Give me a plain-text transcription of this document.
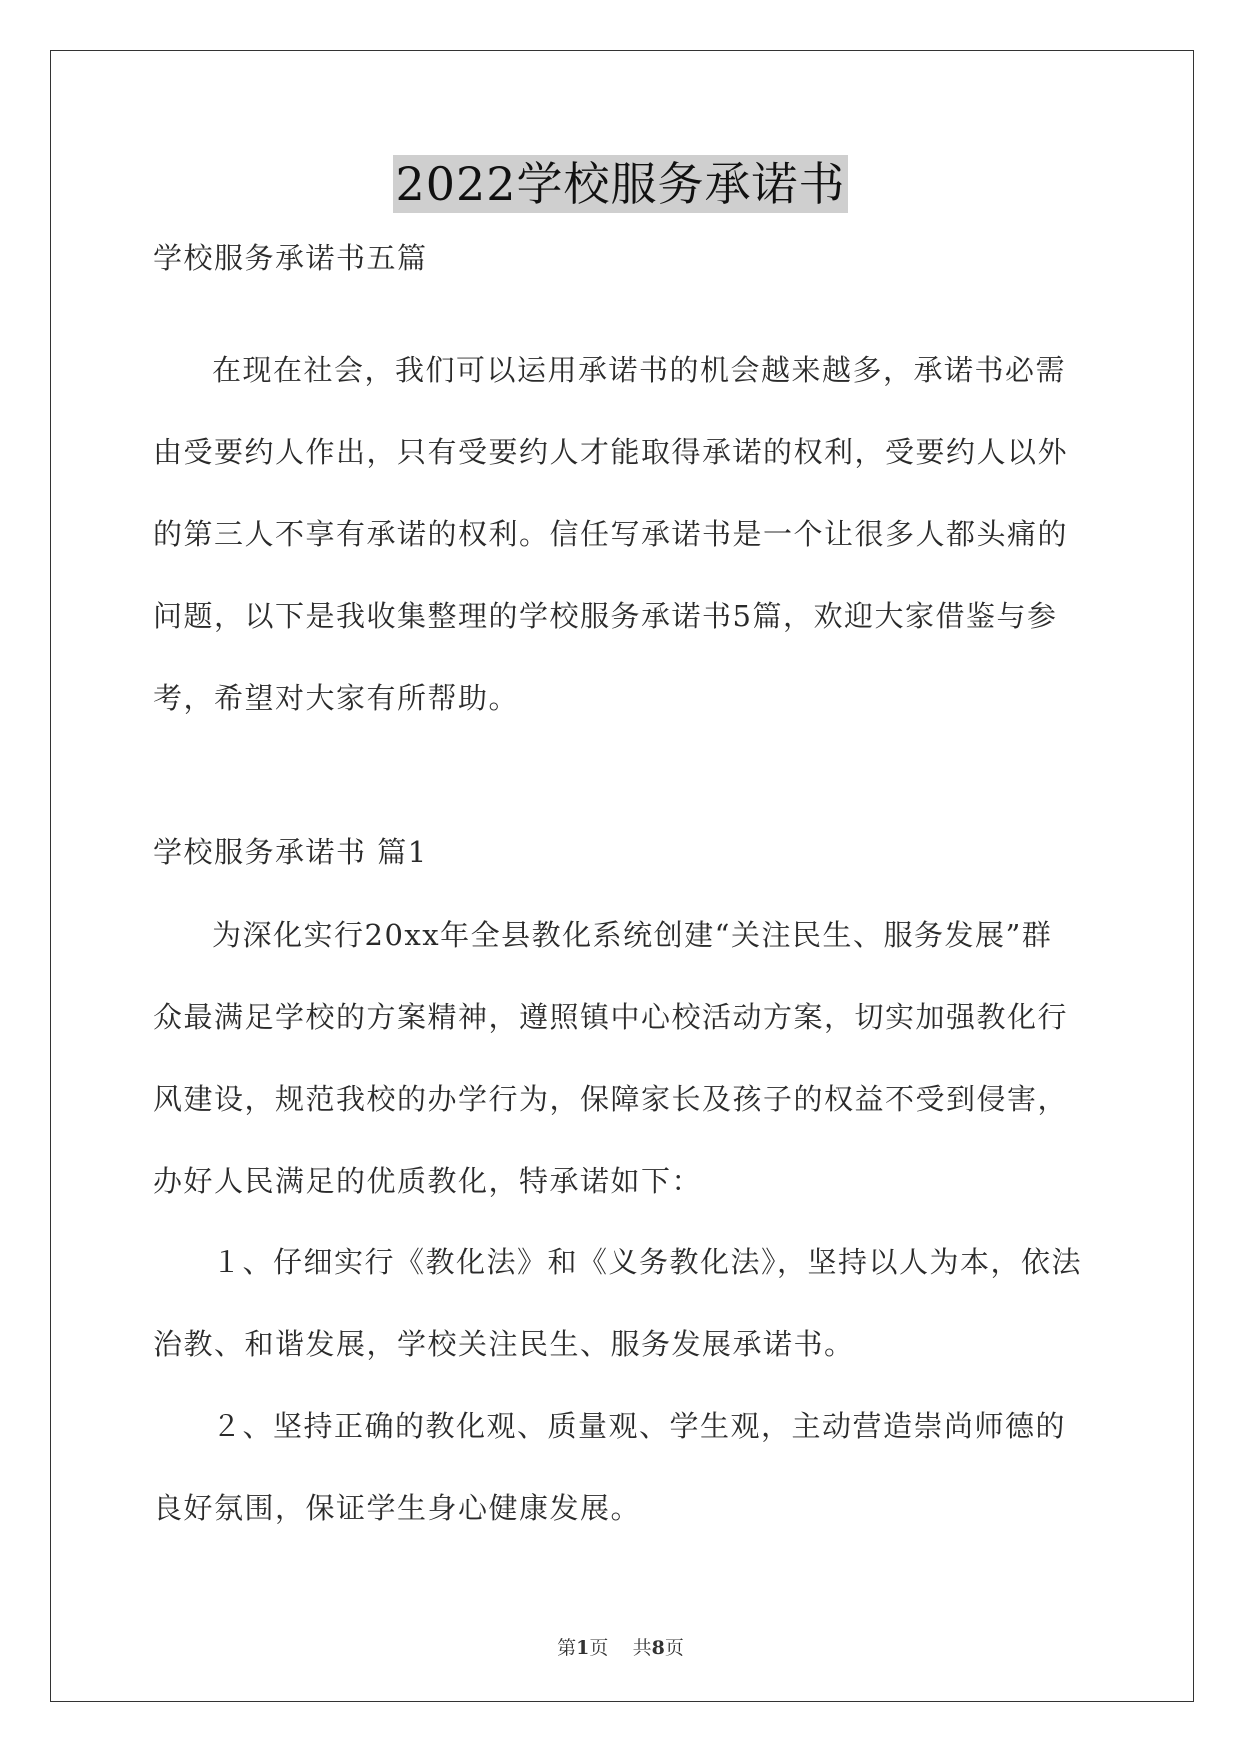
2022学校服务承诺书
学校服务承诺书五篇
在现在社会，我们可以运用承诺书的机会越来越多，承诺书必需
由受要约人作出，只有受要约人才能取得承诺的权利，受要约人以外
的第三人不享有承诺的权利。信任写承诺书是一个让很多人都头痛的
问题，以下是我收集整理的学校服务承诺书5篇，欢迎大家借鉴与参
考，希望对大家有所帮助。
学校服务承诺书 篇1
为深化实行20xx年全县教化系统创建“关注民生、服务发展”群
众最满足学校的方案精神，遵照镇中心校活动方案，切实加强教化行
风建设，规范我校的办学行为，保障家长及孩子的权益不受到侵害，
办好人民满足的优质教化，特承诺如下：
１、仔细实行《教化法》和《义务教化法》，坚持以人为本，依法
治教、和谐发展，学校关注民生、服务发展承诺书。
２、坚持正确的教化观、质量观、学生观，主动营造崇尚师德的
良好氛围，保证学生身心健康发展。
第1页    共8页
